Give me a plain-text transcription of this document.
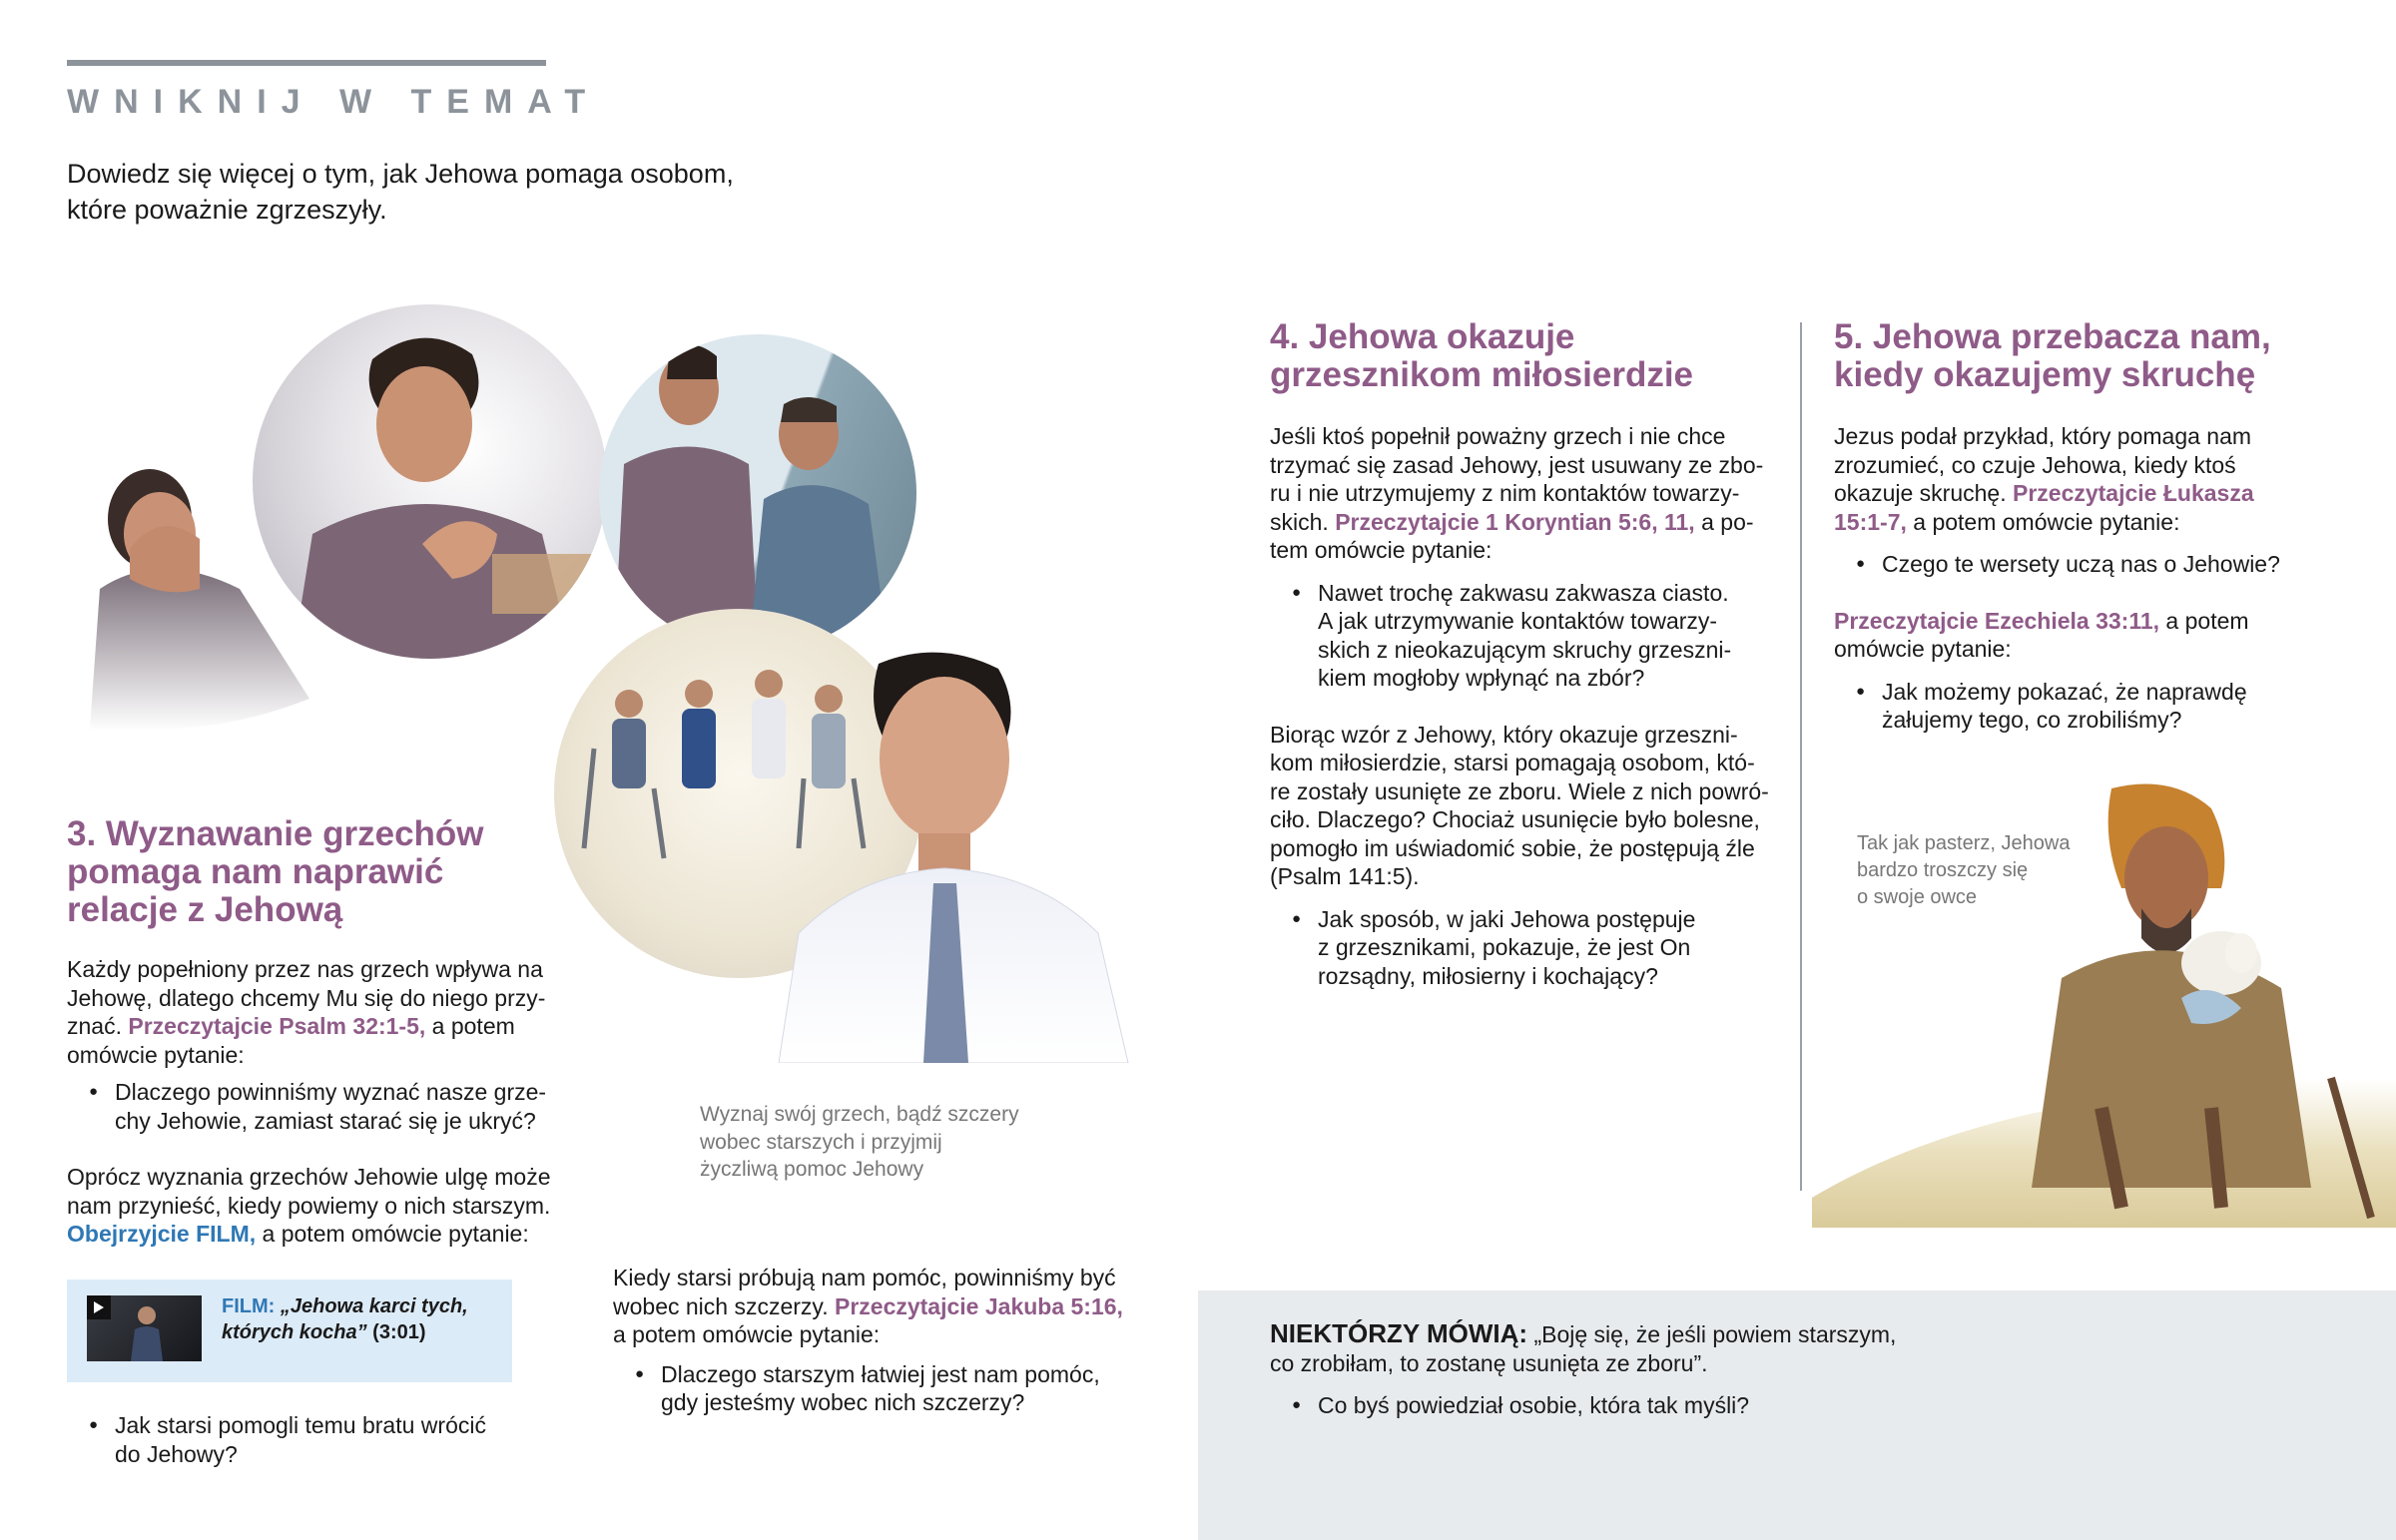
WNIKNIJ W TEMAT
Dowiedz się więcej o tym, jak Jehowa pomaga osobom,
które poważnie zgrzeszyły.
3. Wyznawanie grzechów
pomaga nam naprawić
relacje z Jehową
Każdy popełniony przez nas grzech wpływa na
Jehowę, dlatego chcemy Mu się do niego przy-
znać. Przeczytajcie Psalm 32:1-5, a potem
omówcie pytanie:
● Dlaczego powinniśmy wyznać nasze grze-
chy Jehowie, zamiast starać się je ukryć?
Oprócz wyznania grzechów Jehowie ulgę może
nam przynieść, kiedy powiemy o nich starszym.
Obejrzyjcie FILM, a potem omówcie pytanie:
FILM: „Jehowa karci tych,
których kocha” (3:01)
● Jak starsi pomogli temu bratu wrócić
do Jehowy?
Wyznaj swój grzech, bądź szczery
wobec starszych i przyjmij
życzliwą pomoc Jehowy
Kiedy starsi próbują nam pomóc, powinniśmy być
wobec nich szczerzy. Przeczytajcie Jakuba 5:16,
a potem omówcie pytanie:
● Dlaczego starszym łatwiej jest nam pomóc,
gdy jesteśmy wobec nich szczerzy?
4. Jehowa okazuje
grzesznikom miłosierdzie
Jeśli ktoś popełnił poważny grzech i nie chce
trzymać się zasad Jehowy, jest usuwany ze zbo-
ru i nie utrzymujemy z nim kontaktów towarzy-
skich. Przeczytajcie 1 Koryntian 5:6, 11, a po-
tem omówcie pytanie:
● Nawet trochę zakwasu zakwasza ciasto.
A jak utrzymywanie kontaktów towarzy-
skich z nieokazującym skruchy grzeszni-
kiem mogłoby wpłynąć na zbór?
Biorąc wzór z Jehowy, który okazuje grzeszni-
kom miłosierdzie, starsi pomagają osobom, któ-
re zostały usunięte ze zboru. Wiele z nich powró-
ciło. Dlaczego? Chociaż usunięcie było bolesne,
pomogło im uświadomić sobie, że postępują źle
(Psalm 141:5).
● Jak sposób, w jaki Jehowa postępuje
z grzesznikami, pokazuje, że jest On
rozsądny, miłosierny i kochający?
5. Jehowa przebacza nam,
kiedy okazujemy skruchę
Jezus podał przykład, który pomaga nam
zrozumieć, co czuje Jehowa, kiedy ktoś
okazuje skruchę. Przeczytajcie Łukasza
15:1-7, a potem omówcie pytanie:
● Czego te wersety uczą nas o Jehowie?
Przeczytajcie Ezechiela 33:11, a potem
omówcie pytanie:
● Jak możemy pokazać, że naprawdę
żałujemy tego, co zrobiliśmy?
Tak jak pasterz, Jehowa
bardzo troszczy się
o swoje owce
NIEKTÓRZY MÓWIĄ: „Boję się, że jeśli powiem starszym,
co zrobiłam, to zostanę usunięta ze zboru”.
● Co byś powiedział osobie, która tak myśli?
